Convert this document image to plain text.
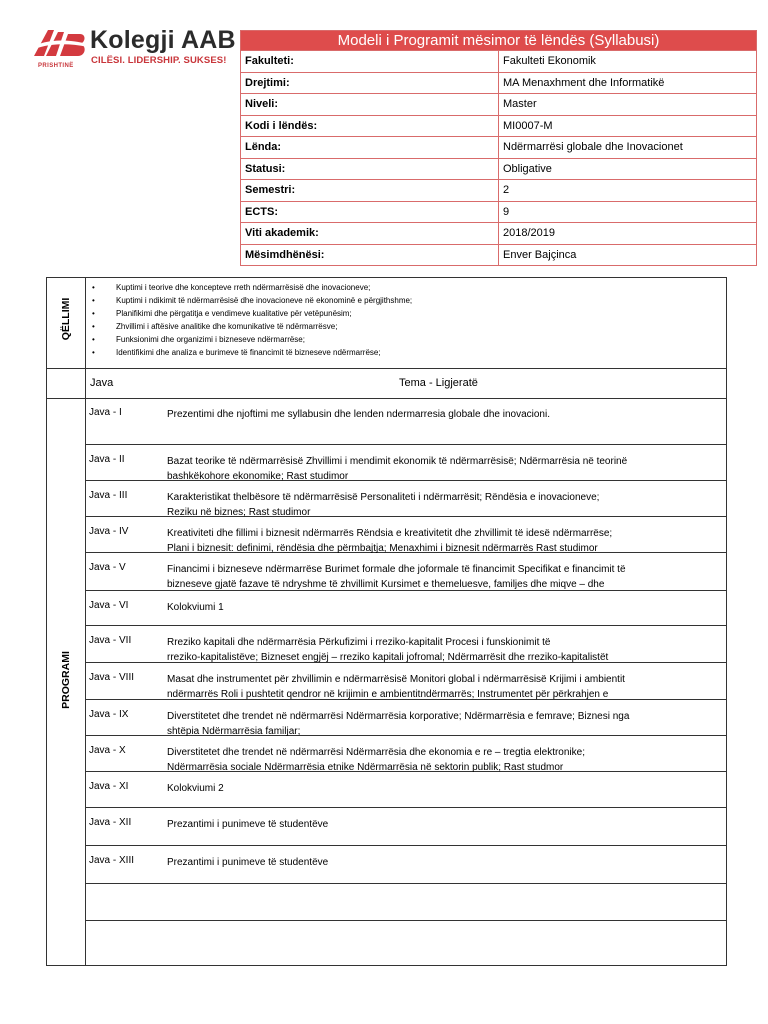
PRISHTINË
Kolegji AAB
CILËSI. LIDERSHIP. SUKSES!
Modeli i Programit mësimor të lëndës (Syllabusi)	
Fakulteti:	Fakulteti Ekonomik
Drejtimi:	MA Menaxhment dhe Informatikë
Niveli:	Master
Kodi i lëndës:	MI0007-M
Lënda:	Ndërmarrësi globale dhe Inovacionet
Statusi:	Obligative
Semestri:	2
ECTS:	9
Viti akademik:	2018/2019
Mësimdhënësi:	Enver Bajçinca
QËLLIMI
PROGRAMI
• Kuptimi i teorive dhe koncepteve rreth ndërmarrësisë dhe inovacioneve;
• Kuptimi i ndikimit të ndërmarrësisë dhe inovacioneve në ekonominë e përgjithshme;
• Planifikimi dhe përgatitja e vendimeve kualitative për vetëpunësim;
• Zhvillimi i aftësive analitike dhe komunikative të ndërmarrësve;
• Funksionimi dhe organizimi i bizneseve ndërmarrëse;
• Identifikimi dhe analiza e burimeve të financimit të bizneseve ndërmarrëse;
Java	Tema - Ligjeratë
Java - I	Prezentimi dhe njoftimi me syllabusin dhe lenden ndermarresia globale dhe inovacioni.
Java - II	Bazat teorike të ndërmarrësisë Zhvillimi i mendimit ekonomik të ndërmarrësisë; Ndërmarrësia në teorinë
bashkëkohore ekonomike; Rast studimor
Java - III	Karakteristikat thelbësore të ndërmarrësisë Personaliteti i ndërmarrësit; Rëndësia e inovacioneve;
Reziku në biznes; Rast studimor
Java - IV	Kreativiteti dhe fillimi i biznesit ndërmarrës Rëndsia e kreativitetit dhe zhvillimit të idesë ndërmarrëse;
Plani i biznesit: definimi, rëndësia dhe përmbajtja; Menaxhimi i biznesit ndërmarrës Rast studimor
Java - V	Financimi i bizneseve ndërmarrëse Burimet formale dhe joformale të financimit Specifikat e financimit të
bizneseve gjatë fazave të ndryshme të zhvillimit Kursimet e themeluesve, familjes dhe miqve – dhe
Java - VI	Kolokviumi 1
Java - VII	Rreziko kapitali dhe ndërmarrësia Përkufizimi i rreziko-kapitalit Procesi i funskionimit të
rreziko-kapitalistëve; Bizneset engjëj – rreziko kapitali jofromal; Ndërmarrësit dhe rreziko-kapitalistët
Java - VIII	Masat dhe instrumentet për zhvillimin e ndërmarrësisë Monitori global i ndërmarrësisë Krijimi i ambientit
ndërmarrës Roli i pushtetit qendror në krijimin e ambientitndërmarrës; Instrumentet për përkrahjen e
Java - IX	Diverstitetet dhe trendet në ndërmarrësi Ndërmarrësia korporative; Ndërmarrësia e femrave; Biznesi nga
shtëpia Ndërmarrësia familjar;
Java - X	Diverstitetet dhe trendet në ndërmarrësi Ndërmarrësia dhe ekonomia e re – tregtia elektronike;
Ndërmarrësia sociale Ndërmarrësia etnike Ndërmarrësia në sektorin publik; Rast studmor
Java - XI	Kolokviumi 2
Java - XII	Prezantimi i punimeve të studentëve
Java - XIII	Prezantimi i punimeve të studentëve
